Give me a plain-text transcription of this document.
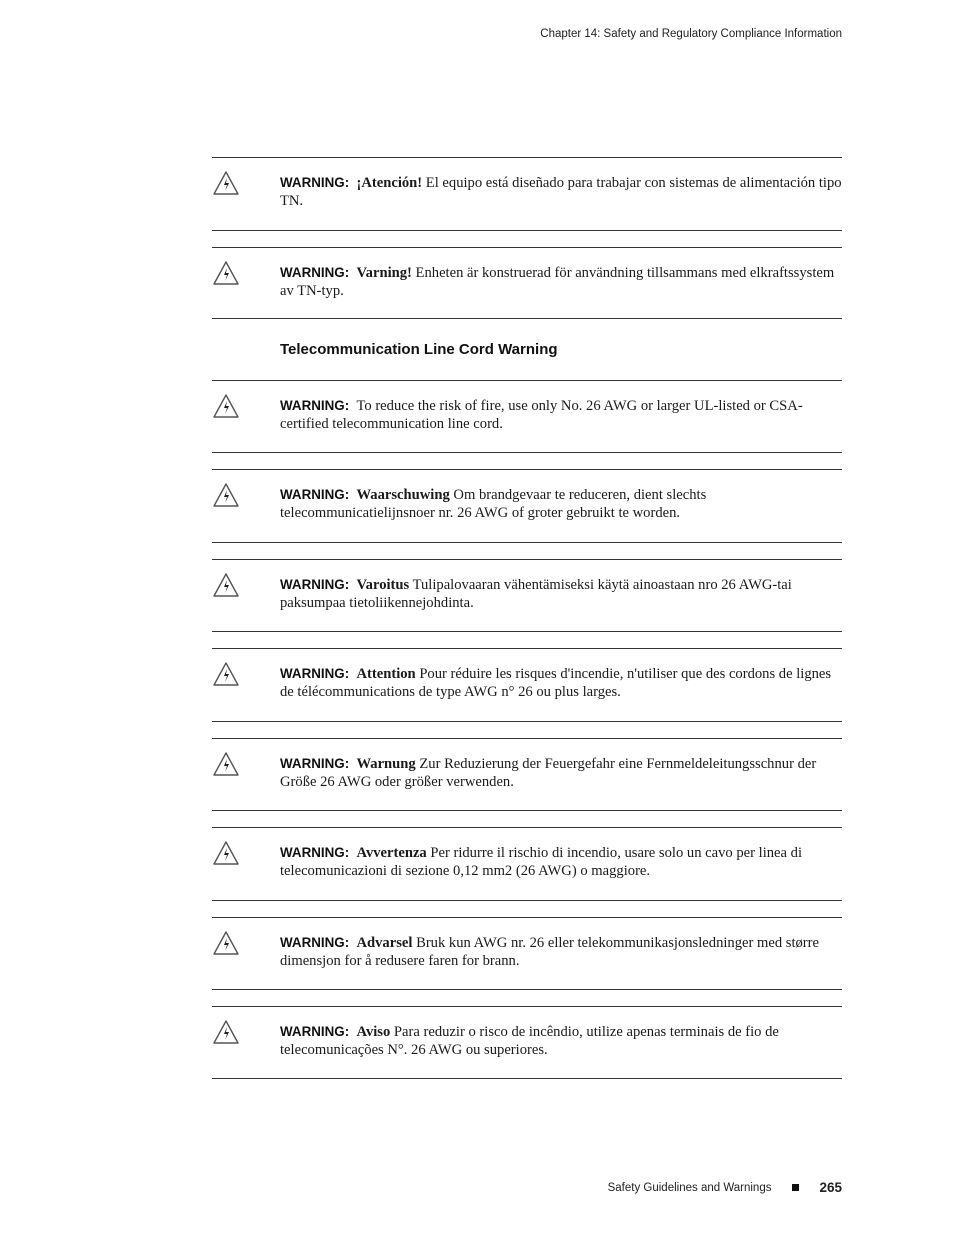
Chapter 14: Safety and Regulatory Compliance Information
WARNING: ¡Atención! El equipo está diseñado para trabajar con sistemas de alimentación tipo TN.
WARNING: Varning! Enheten är konstruerad för användning tillsammans med elkraftssystem av TN-typ.
Telecommunication Line Cord Warning
WARNING: To reduce the risk of fire, use only No. 26 AWG or larger UL-listed or CSA-certified telecommunication line cord.
WARNING: Waarschuwing Om brandgevaar te reduceren, dient slechts telecommunicatielijnsnoer nr. 26 AWG of groter gebruikt te worden.
WARNING: Varoitus Tulipalovaaran vähentämiseksi käytä ainoastaan nro 26 AWG-tai paksumpaa tietoliikennejohdinta.
WARNING: Attention Pour réduire les risques d'incendie, n'utiliser que des cordons de lignes de télécommunications de type AWG n° 26 ou plus larges.
WARNING: Warnung Zur Reduzierung der Feuergefahr eine Fernmeldeleitungsschnur der Größe 26 AWG oder größer verwenden.
WARNING: Avvertenza Per ridurre il rischio di incendio, usare solo un cavo per linea di telecomunicazioni di sezione 0,12 mm2 (26 AWG) o maggiore.
WARNING: Advarsel Bruk kun AWG nr. 26 eller telekommunikasjonsledninger med større dimensjon for å redusere faren for brann.
WARNING: Aviso Para reduzir o risco de incêndio, utilize apenas terminais de fio de telecomunicações N°. 26 AWG ou superiores.
Safety Guidelines and Warnings	265
